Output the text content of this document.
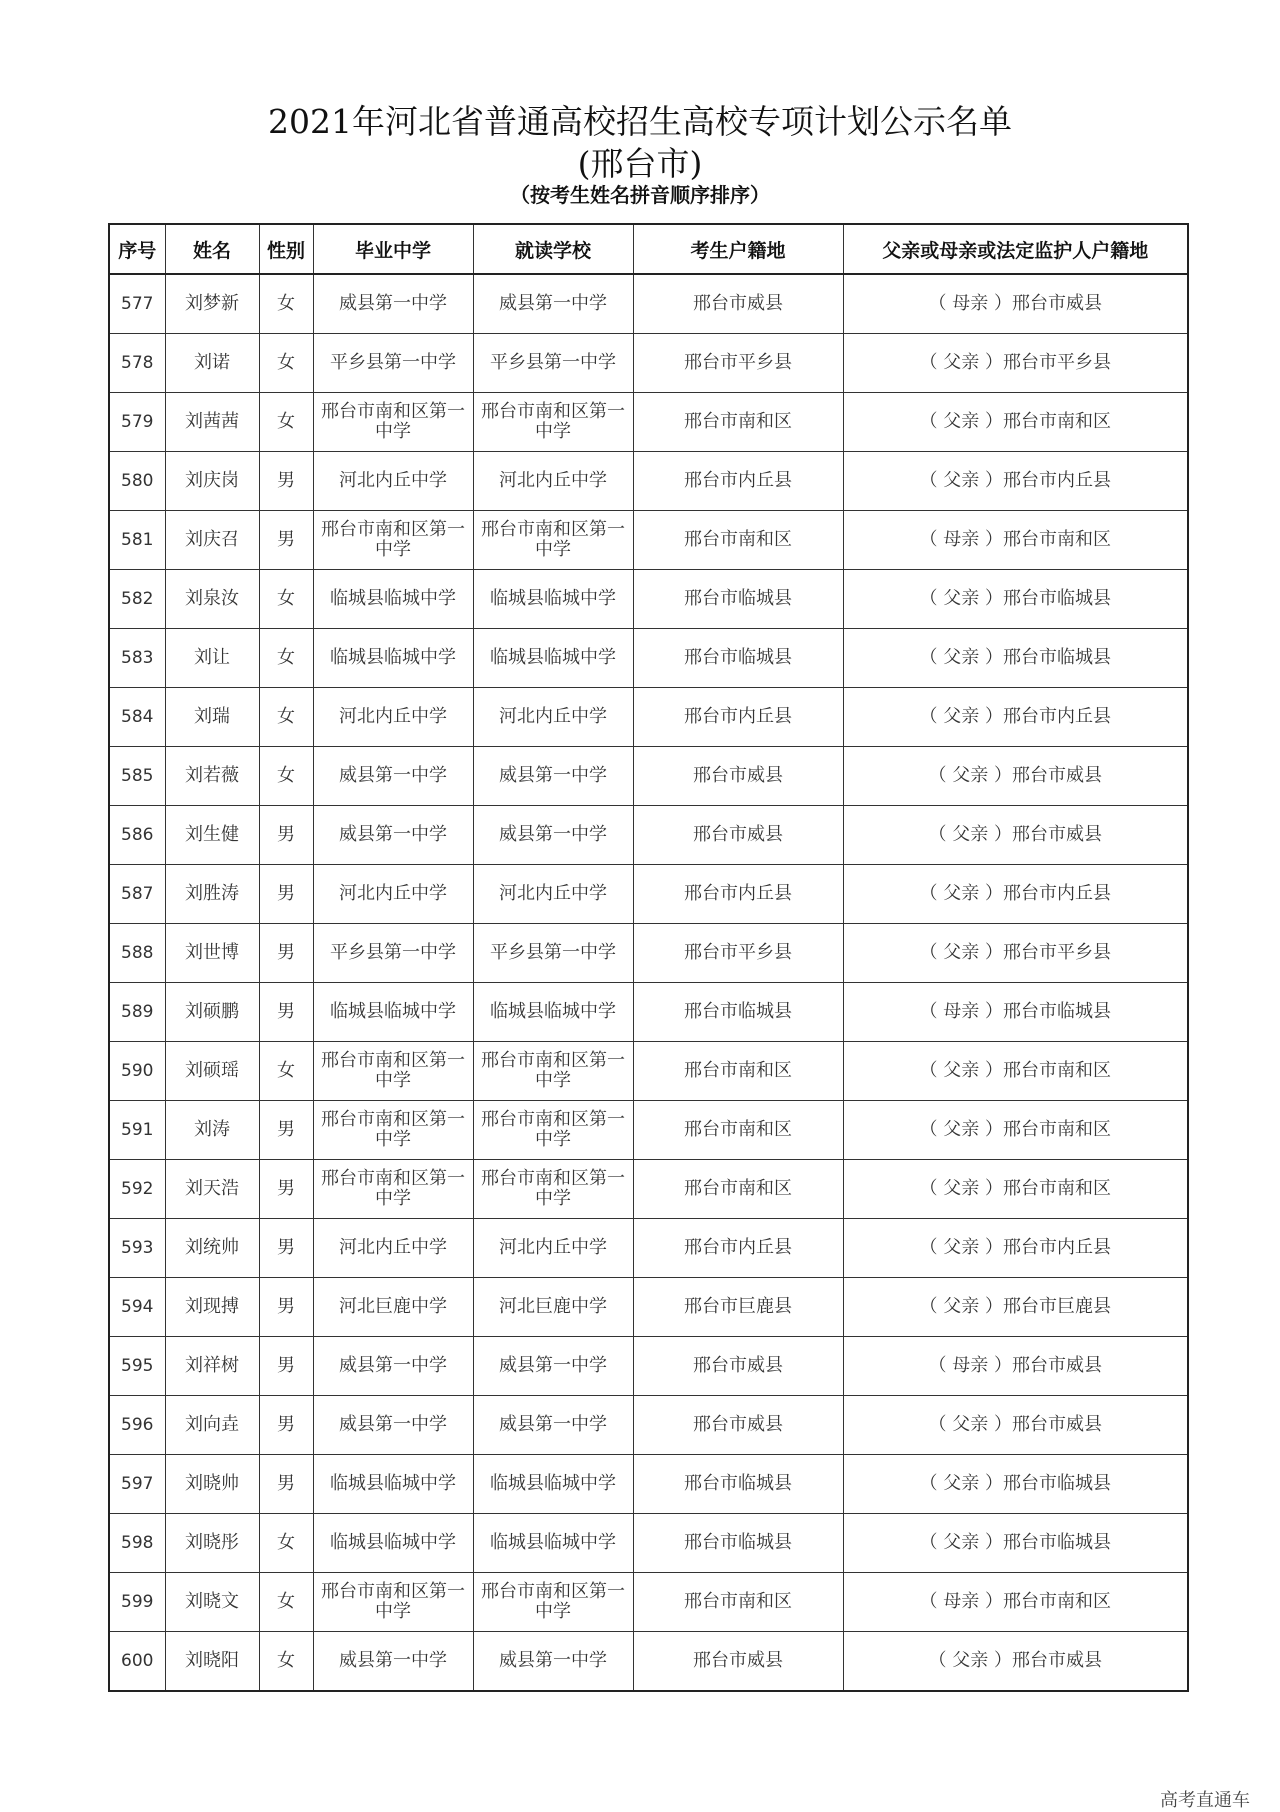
2021年河北省普通高校招生高校专项计划公示名单
(邢台市)
（按考生姓名拼音顺序排序）
序号	姓名	性别	毕业中学	就读学校	考生户籍地	父亲或母亲或法定监护人户籍地
577	刘梦新	女	威县第一中学	威县第一中学	邢台市威县	（ 母亲 ）邢台市威县
578	刘诺	女	平乡县第一中学	平乡县第一中学	邢台市平乡县	（ 父亲 ）邢台市平乡县
579	刘茜茜	女	邢台市南和区第一中学	邢台市南和区第一中学	邢台市南和区	（ 父亲 ）邢台市南和区
580	刘庆岗	男	河北内丘中学	河北内丘中学	邢台市内丘县	（ 父亲 ）邢台市内丘县
581	刘庆召	男	邢台市南和区第一中学	邢台市南和区第一中学	邢台市南和区	（ 母亲 ）邢台市南和区
582	刘泉汝	女	临城县临城中学	临城县临城中学	邢台市临城县	（ 父亲 ）邢台市临城县
583	刘让	女	临城县临城中学	临城县临城中学	邢台市临城县	（ 父亲 ）邢台市临城县
584	刘瑞	女	河北内丘中学	河北内丘中学	邢台市内丘县	（ 父亲 ）邢台市内丘县
585	刘若薇	女	威县第一中学	威县第一中学	邢台市威县	（ 父亲 ）邢台市威县
586	刘生健	男	威县第一中学	威县第一中学	邢台市威县	（ 父亲 ）邢台市威县
587	刘胜涛	男	河北内丘中学	河北内丘中学	邢台市内丘县	（ 父亲 ）邢台市内丘县
588	刘世博	男	平乡县第一中学	平乡县第一中学	邢台市平乡县	（ 父亲 ）邢台市平乡县
589	刘硕鹏	男	临城县临城中学	临城县临城中学	邢台市临城县	（ 母亲 ）邢台市临城县
590	刘硕瑶	女	邢台市南和区第一中学	邢台市南和区第一中学	邢台市南和区	（ 父亲 ）邢台市南和区
591	刘涛	男	邢台市南和区第一中学	邢台市南和区第一中学	邢台市南和区	（ 父亲 ）邢台市南和区
592	刘天浩	男	邢台市南和区第一中学	邢台市南和区第一中学	邢台市南和区	（ 父亲 ）邢台市南和区
593	刘统帅	男	河北内丘中学	河北内丘中学	邢台市内丘县	（ 父亲 ）邢台市内丘县
594	刘现搏	男	河北巨鹿中学	河北巨鹿中学	邢台市巨鹿县	（ 父亲 ）邢台市巨鹿县
595	刘祥树	男	威县第一中学	威县第一中学	邢台市威县	（ 母亲 ）邢台市威县
596	刘向垚	男	威县第一中学	威县第一中学	邢台市威县	（ 父亲 ）邢台市威县
597	刘晓帅	男	临城县临城中学	临城县临城中学	邢台市临城县	（ 父亲 ）邢台市临城县
598	刘晓彤	女	临城县临城中学	临城县临城中学	邢台市临城县	（ 父亲 ）邢台市临城县
599	刘晓文	女	邢台市南和区第一中学	邢台市南和区第一中学	邢台市南和区	（ 母亲 ）邢台市南和区
600	刘晓阳	女	威县第一中学	威县第一中学	邢台市威县	（ 父亲 ）邢台市威县
高考直通车
